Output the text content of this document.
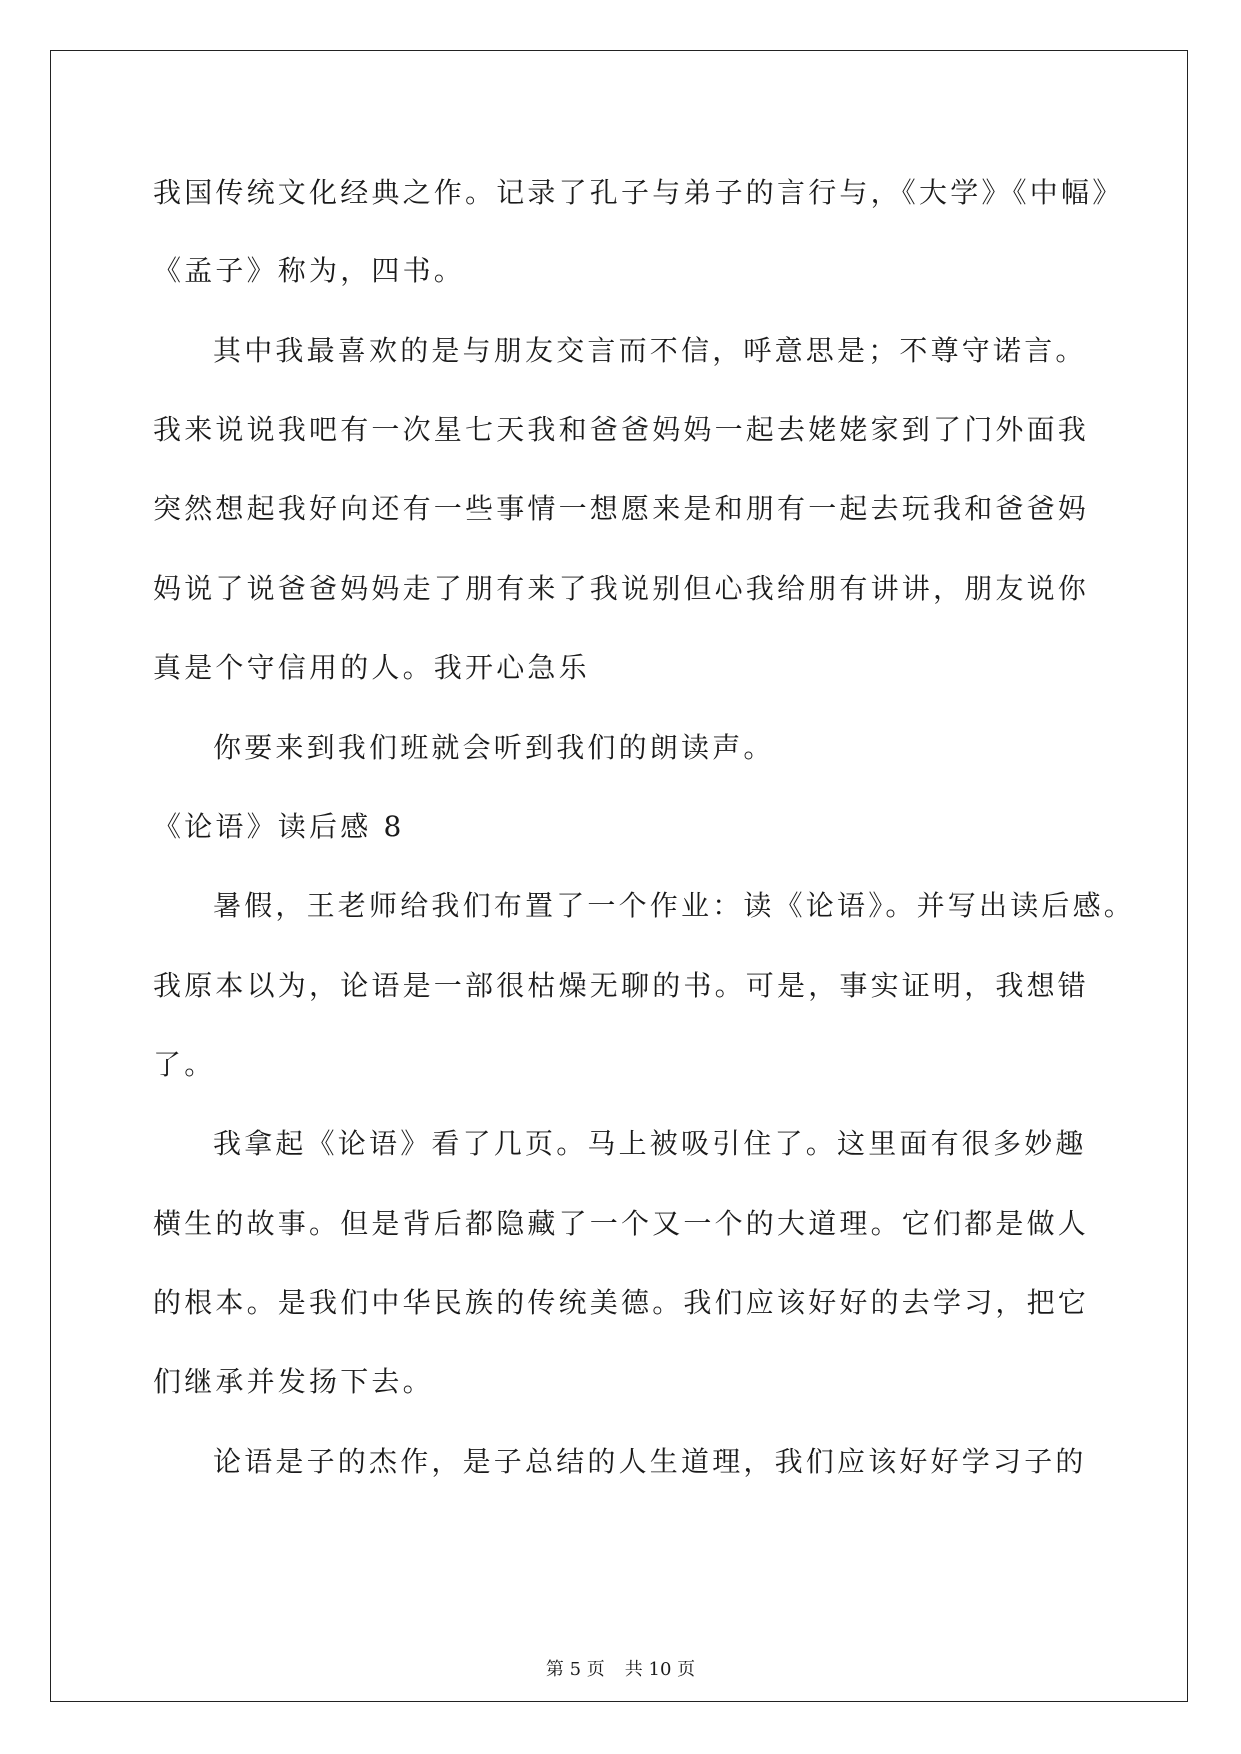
我国传统文化经典之作。记录了孔子与弟子的言行与，《大学》《中幅》
《孟子》称为，四书。
其中我最喜欢的是与朋友交言而不信，呼意思是；不尊守诺言。
我来说说我吧有一次星七天我和爸爸妈妈一起去姥姥家到了门外面我
突然想起我好向还有一些事情一想愿来是和朋有一起去玩我和爸爸妈
妈说了说爸爸妈妈走了朋有来了我说别但心我给朋有讲讲，朋友说你
真是个守信用的人。我开心急乐
你要来到我们班就会听到我们的朗读声。
《论语》读后感 8
暑假，王老师给我们布置了一个作业：读《论语》。并写出读后感。
我原本以为，论语是一部很枯燥无聊的书。可是，事实证明，我想错
了。
我拿起《论语》看了几页。马上被吸引住了。这里面有很多妙趣
横生的故事。但是背后都隐藏了一个又一个的大道理。它们都是做人
的根本。是我们中华民族的传统美德。我们应该好好的去学习，把它
们继承并发扬下去。
论语是子的杰作，是子总结的人生道理，我们应该好好学习子的
第 5 页 共 10 页
